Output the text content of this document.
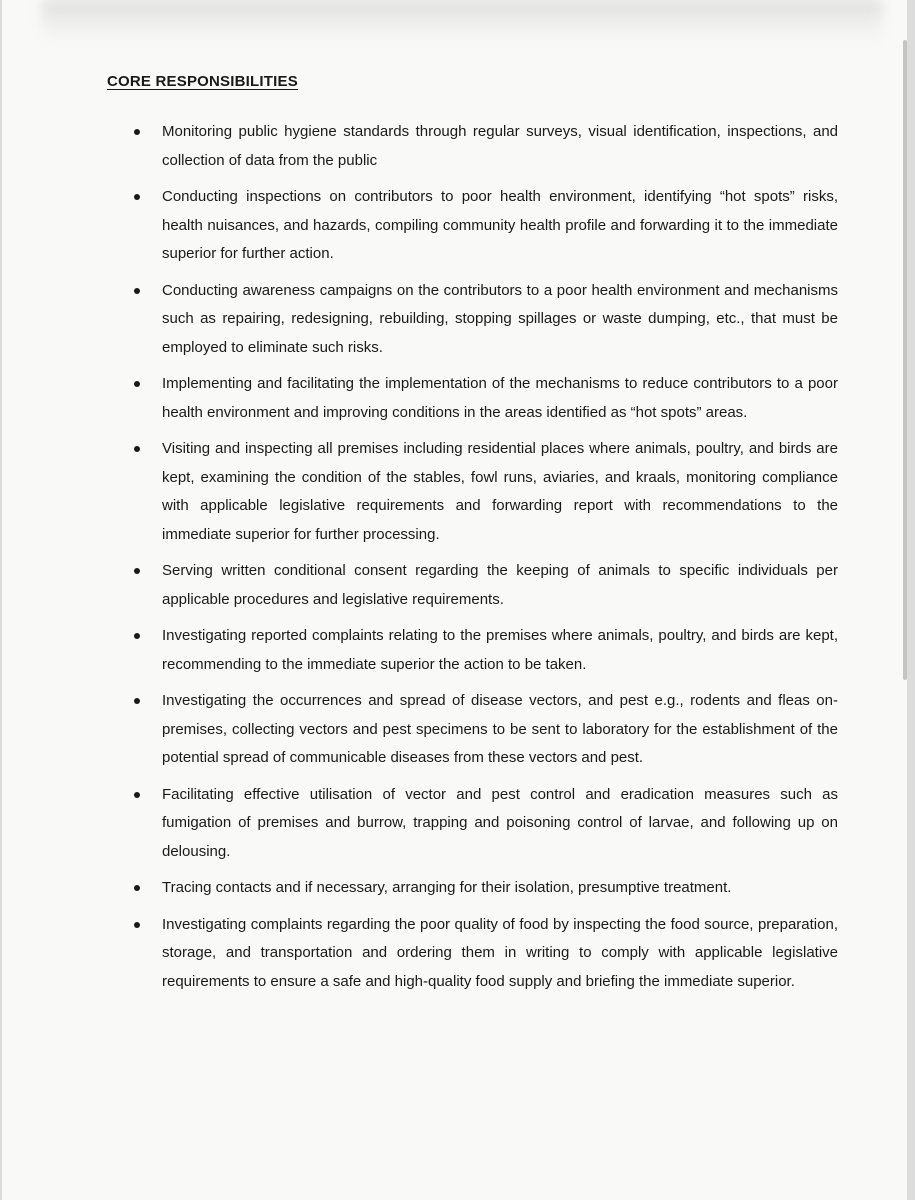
CORE RESPONSIBILITIES
Monitoring public hygiene standards through regular surveys, visual identification, inspections, and collection of data from the public
Conducting inspections on contributors to poor health environment, identifying “hot spots” risks, health nuisances, and hazards, compiling community health profile and forwarding it to the immediate superior for further action.
Conducting awareness campaigns on the contributors to a poor health environment and mechanisms such as repairing, redesigning, rebuilding, stopping spillages or waste dumping, etc., that must be employed to eliminate such risks.
Implementing and facilitating the implementation of the mechanisms to reduce contributors to a poor health environment and improving conditions in the areas identified as “hot spots” areas.
Visiting and inspecting all premises including residential places where animals, poultry, and birds are kept, examining the condition of the stables, fowl runs, aviaries, and kraals, monitoring compliance with applicable legislative requirements and forwarding report with recommendations to the immediate superior for further processing.
Serving written conditional consent regarding the keeping of animals to specific individuals per applicable procedures and legislative requirements.
Investigating reported complaints relating to the premises where animals, poultry, and birds are kept, recommending to the immediate superior the action to be taken.
Investigating the occurrences and spread of disease vectors, and pest e.g., rodents and fleas on-premises, collecting vectors and pest specimens to be sent to laboratory for the establishment of the potential spread of communicable diseases from these vectors and pest.
Facilitating effective utilisation of vector and pest control and eradication measures such as fumigation of premises and burrow, trapping and poisoning control of larvae, and following up on delousing.
Tracing contacts and if necessary, arranging for their isolation, presumptive treatment.
Investigating complaints regarding the poor quality of food by inspecting the food source, preparation, storage, and transportation and ordering them in writing to comply with applicable legislative requirements to ensure a safe and high-quality food supply and briefing the immediate superior.
